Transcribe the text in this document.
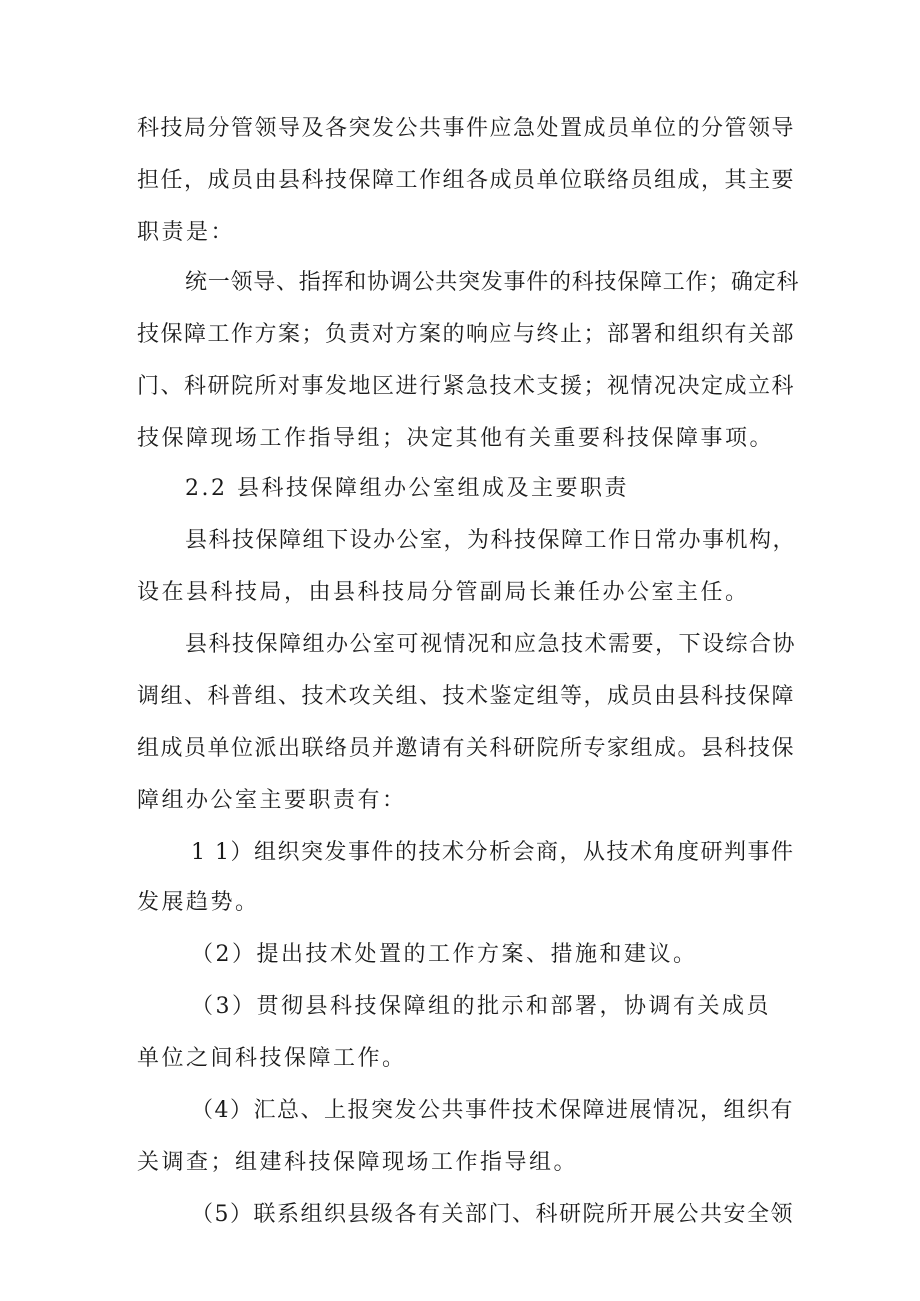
科技局分管领导及各突发公共事件应急处置成员单位的分管领导
担任，成员由县科技保障工作组各成员单位联络员组成，其主要
职责是：
统一领导、指挥和协调公共突发事件的科技保障工作；确定科
技保障工作方案；负责对方案的响应与终止；部署和组织有关部
门、科研院所对事发地区进行紧急技术支援；视情况决定成立科
技保障现场工作指导组；决定其他有关重要科技保障事项。
2.2 县科技保障组办公室组成及主要职责
县科技保障组下设办公室，为科技保障工作日常办事机构，
设在县科技局，由县科技局分管副局长兼任办公室主任。
县科技保障组办公室可视情况和应急技术需要，下设综合协
调组、科普组、技术攻关组、技术鉴定组等，成员由县科技保障
组成员单位派出联络员并邀请有关科研院所专家组成。县科技保
障组办公室主要职责有：
1 1）组织突发事件的技术分析会商，从技术角度研判事件
发展趋势。
（2）提出技术处置的工作方案、措施和建议。
（3）贯彻县科技保障组的批示和部署，协调有关成员
单位之间科技保障工作。
（4）汇总、上报突发公共事件技术保障进展情况，组织有
关调查；组建科技保障现场工作指导组。
（5）联系组织县级各有关部门、科研院所开展公共安全领
